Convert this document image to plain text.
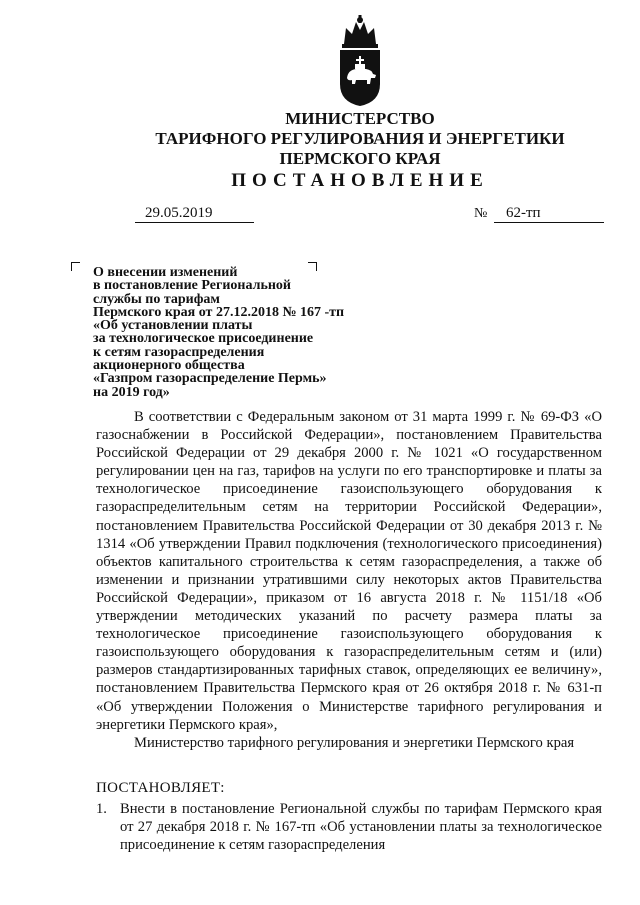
МИНИСТЕРСТВО
ТАРИФНОГО РЕГУЛИРОВАНИЯ И ЭНЕРГЕТИКИ
ПЕРМСКОГО КРАЯ
ПОСТАНОВЛЕНИЕ
29.05.2019	№	62-тп
О внесении изменений
в постановление Региональной
службы по тарифам
Пермского края от 27.12.2018 № 167 -тп
«Об установлении платы
за технологическое присоединение
к сетям газораспределения
акционерного общества
«Газпром газораспределение Пермь»
на 2019 год»

В соответствии с Федеральным законом от 31 марта 1999 г. № 69-ФЗ «О газоснабжении в Российской Федерации», постановлением Правительства Российской Федерации от 29 декабря 2000 г. № 1021 «О государственном регулировании цен на газ, тарифов на услуги по его транспортировке и платы за технологическое присоединение газоиспользующего оборудования к газораспределительным сетям на территории Российской Федерации», постановлением Правительства Российской Федерации от 30 декабря 2013 г. № 1314 «Об утверждении Правил подключения (технологического присоединения) объектов капитального строительства к сетям газораспределения, а также об изменении и признании утратившими силу некоторых актов Правительства Российской Федерации», приказом от 16 августа 2018 г. № 1151/18 «Об утверждении методических указаний по расчету размера платы за технологическое присоединение газоиспользующего оборудования к газоиспользующего оборудования к газораспределительным сетям и (или) размеров стандартизированных тарифных ставок, определяющих ее величину», постановлением Правительства Пермского края от 26 октября 2018 г. № 631-п «Об утверждении Положения о Министерстве тарифного регулирования и энергетики Пермского края»,

Министерство тарифного регулирования и энергетики Пермского края

ПОСТАНОВЛЯЕТ:
1. Внести в постановление Региональной службы по тарифам Пермского края от 27 декабря 2018 г. № 167-тп «Об установлении платы за технологическое присоединение к сетям газораспределения
